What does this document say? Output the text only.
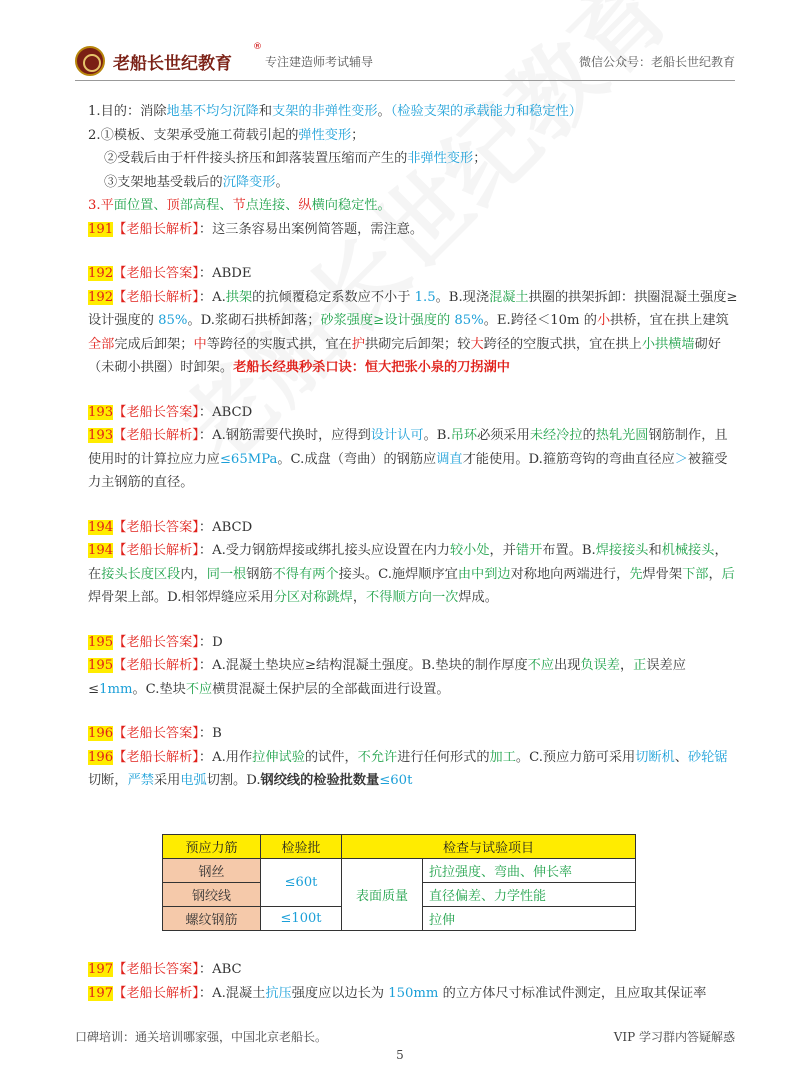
老船长世纪教育
®
专注建造师考试辅导	微信公众号：老船长世纪教育

1.目的：消除地基不均匀沉降和支架的非弹性变形。（检验支架的承载能力和稳定性）

2.①模板、支架承受施工荷载引起的弹性变形；

②受载后由于杆件接头挤压和卸落装置压缩而产生的非弹性变形；

③支架地基受载后的沉降变形。

3.平面位置、顶部高程、节点连接、纵横向稳定性。

191【老船长解析】：这三条容易出案例简答题，需注意。

192【老船长答案】：ABDE

192【老船长解析】：A.拱架的抗倾覆稳定系数应不小于 1.5。B.现浇混凝土拱圈的拱架拆卸：拱圈混凝土强度≥设计强度的 85%。D.浆砌石拱桥卸落；砂浆强度≥设计强度的 85%。E.跨径＜10m 的小拱桥，宜在拱上建筑全部完成后卸架；中等跨径的实腹式拱，宜在护拱砌完后卸架；较大跨径的空腹式拱，宜在拱上小拱横墙砌好（未砌小拱圈）时卸架。老船长经典秒杀口诀：恒大把张小泉的刀拐湖中

193【老船长答案】：ABCD

193【老船长解析】：A.钢筋需要代换时，应得到设计认可。B.吊环必须采用未经冷拉的热轧光圆钢筋制作，且使用时的计算拉应力应≤65MPa。C.成盘（弯曲）的钢筋应调直才能使用。D.箍筋弯钩的弯曲直径应＞被箍受力主钢筋的直径。

194【老船长答案】：ABCD

194【老船长解析】：A.受力钢筋焊接或绑扎接头应设置在内力较小处，并错开布置。B.焊接接头和机械接头，在接头长度区段内，同一根钢筋不得有两个接头。C.施焊顺序宜由中到边对称地向两端进行，先焊骨架下部，后焊骨架上部。D.相邻焊缝应采用分区对称跳焊，不得顺方向一次焊成。

195【老船长答案】：D

195【老船长解析】：A.混凝土垫块应≥结构混凝土强度。B.垫块的制作厚度不应出现负误差，正误差应≤1mm。C.垫块不应横贯混凝土保护层的全部截面进行设置。

196【老船长答案】：B

196【老船长解析】：A.用作拉伸试验的试件，不允许进行任何形式的加工。C.预应力筋可采用切断机、砂轮锯切断，严禁采用电弧切割。D.钢绞线的检验批数量≤60t

预应力筋	检验批	检查与试验项目	
钢丝	≤60t	表面质量	抗拉强度、弯曲、伸长率
钢绞线			直径偏差、力学性能
螺纹钢筋	≤100t		拉伸

197【老船长答案】：ABC

197【老船长解析】：A.混凝土抗压强度应以边长为 150mm 的立方体尺寸标准试件测定，且应取其保证率

口碑培训：通关培训哪家强，中国北京老船长。	VIP 学习群内答疑解惑
5
